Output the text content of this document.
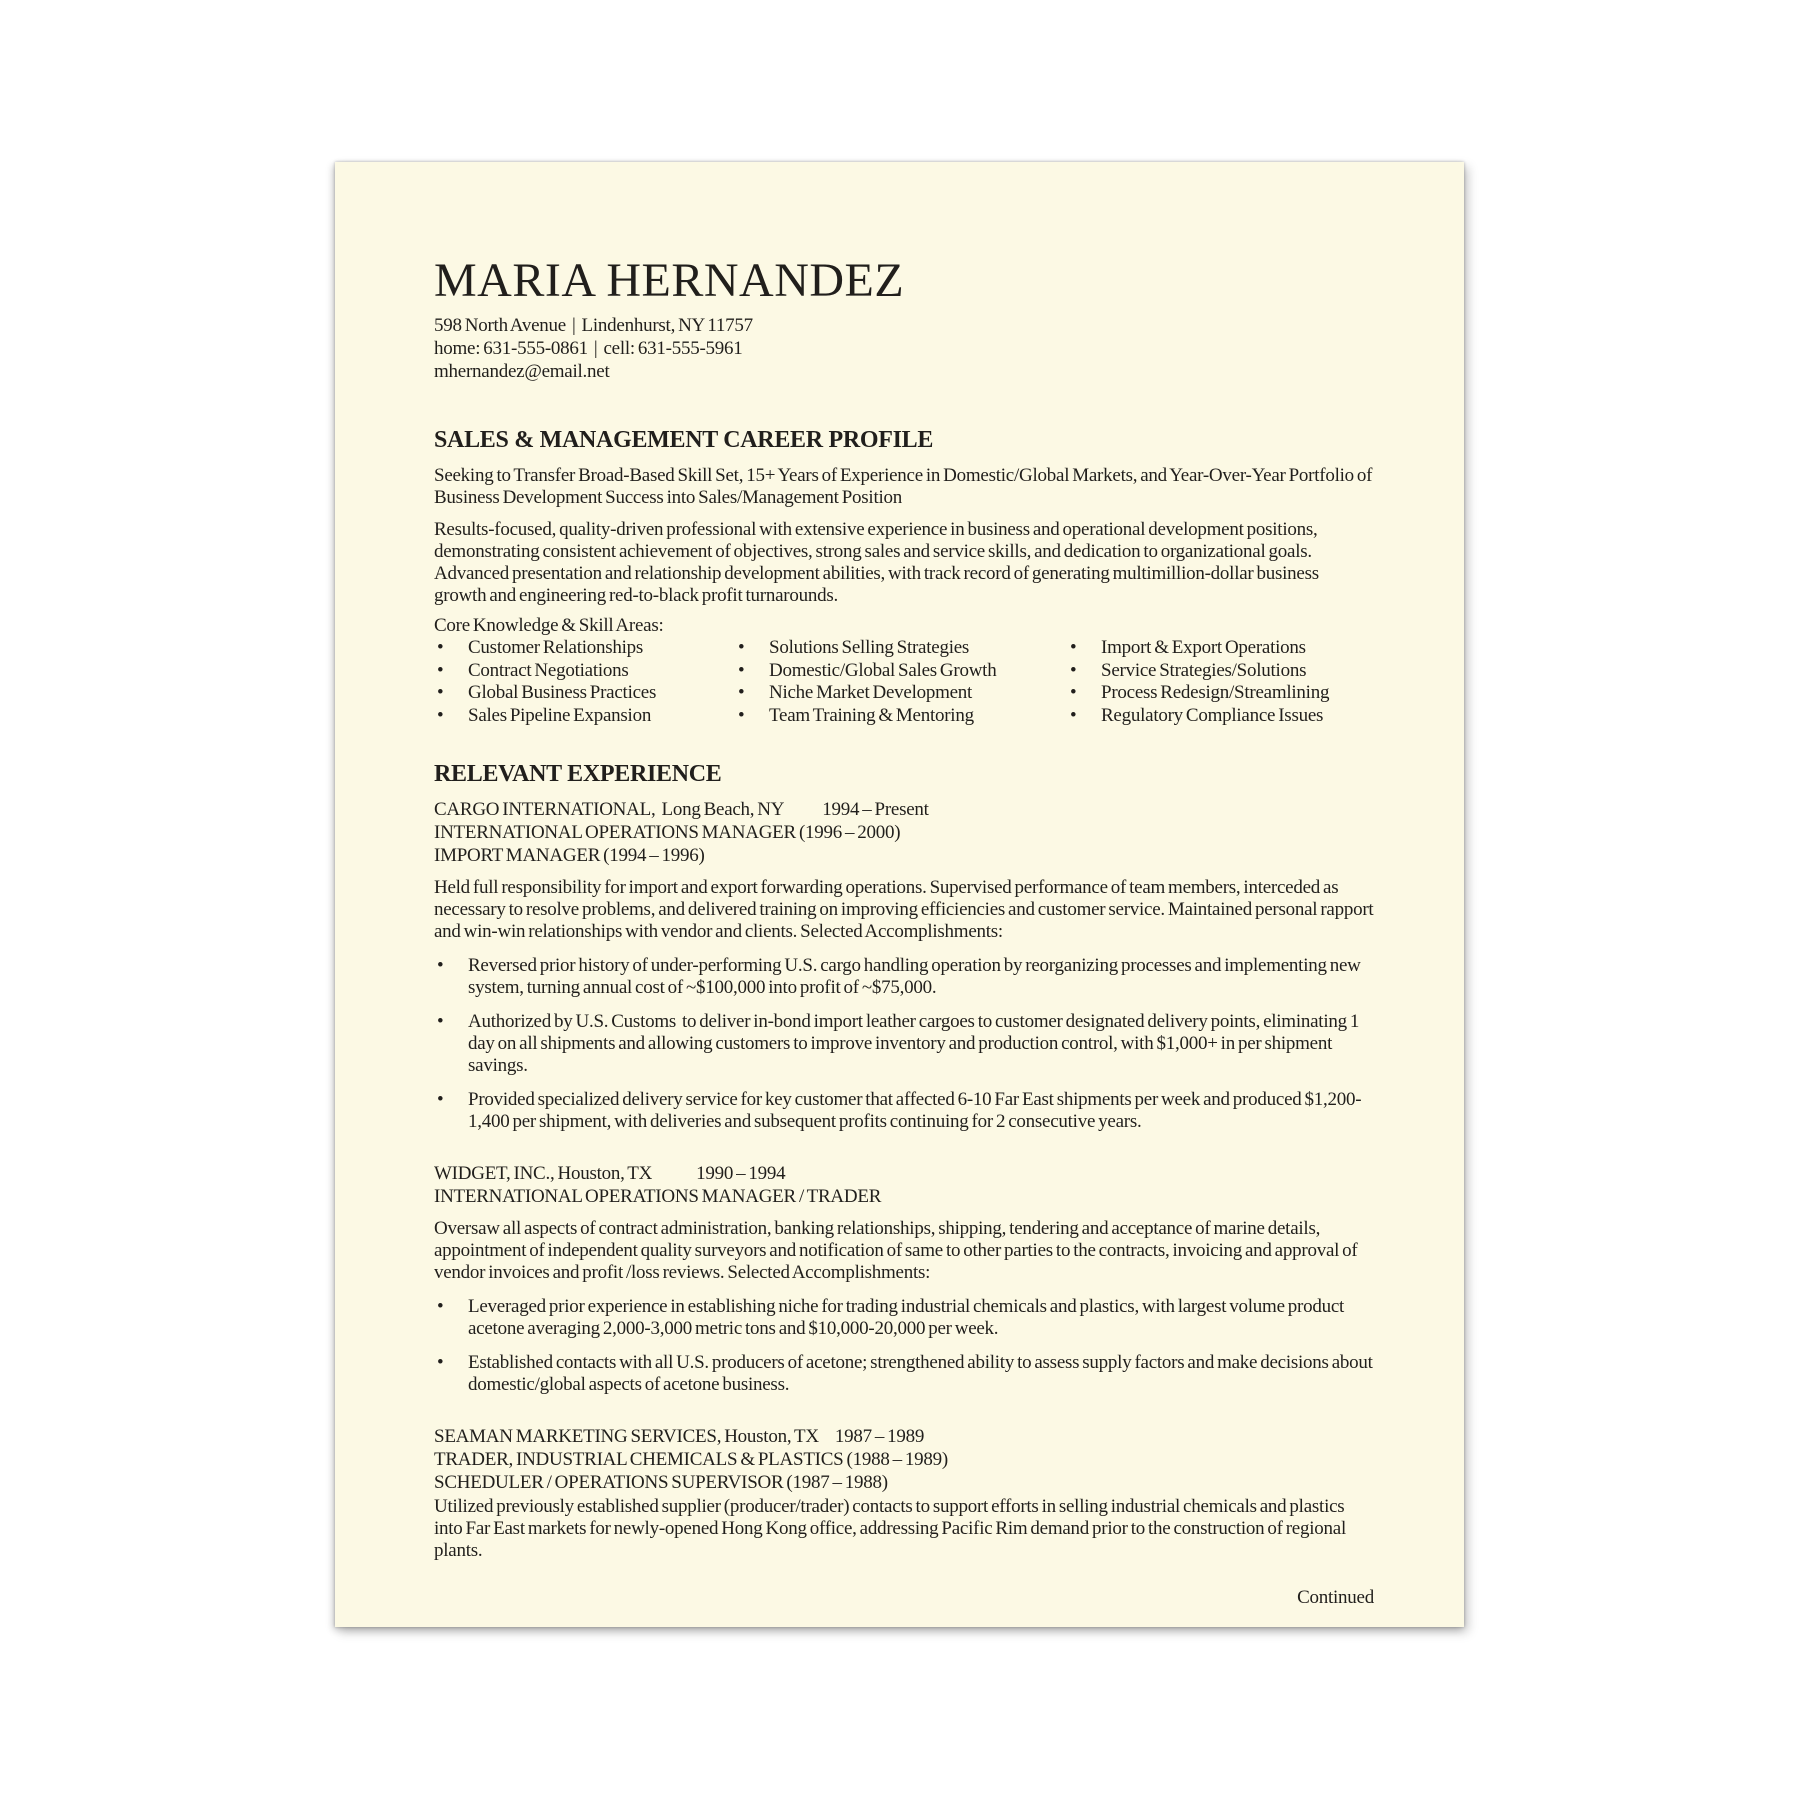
MARIA HERNANDEZ
598 North Avenue  |  Lindenhurst, NY 11757
home: 631-555-0861  |  cell: 631-555-5961
mhernandez@email.net
SALES & MANAGEMENT CAREER PROFILE
Seeking to Transfer Broad-Based Skill Set, 15+ Years of Experience in Domestic/Global Markets, and Year-Over-Year Portfolio of Business Development Success into Sales/Management Position
Results-focused, quality-driven professional with extensive experience in business and operational development positions, demonstrating consistent achievement of objectives, strong sales and service skills, and dedication to organizational goals. Advanced presentation and relationship development abilities, with track record of generating multimillion-dollar business growth and engineering red-to-black profit turnarounds.
Core Knowledge & Skill Areas:
• Customer Relationships	• Solutions Selling Strategies	• Import & Export Operations
• Contract Negotiations	• Domestic/Global Sales Growth	• Service Strategies/Solutions
• Global Business Practices	• Niche Market Development	• Process Redesign/Streamlining
• Sales Pipeline Expansion	• Team Training & Mentoring	• Regulatory Compliance Issues
RELEVANT EXPERIENCE
CARGO INTERNATIONAL,  Long Beach, NY 1994 – Present
INTERNATIONAL OPERATIONS MANAGER (1996 – 2000)
IMPORT MANAGER (1994 – 1996)
Held full responsibility for import and export forwarding operations. Supervised performance of team members, interceded as necessary to resolve problems, and delivered training on improving efficiencies and customer service. Maintained personal rapport and win-win relationships with vendor and clients. Selected Accomplishments:
• Reversed prior history of under-performing U.S. cargo handling operation by reorganizing processes and implementing new system, turning annual cost of ~$100,000 into profit of ~$75,000.
• Authorized by U.S. Customs  to deliver in-bond import leather cargoes to customer designated delivery points, eliminating 1 day on all shipments and allowing customers to improve inventory and production control, with $1,000+ in per shipment savings.
• Provided specialized delivery service for key customer that affected 6-10 Far East shipments per week and produced $1,200-1,400 per shipment, with deliveries and subsequent profits continuing for 2 consecutive years.
WIDGET, INC., Houston, TX 1990 – 1994
INTERNATIONAL OPERATIONS MANAGER / TRADER
Oversaw all aspects of contract administration, banking relationships, shipping, tendering and acceptance of marine details, appointment of independent quality surveyors and notification of same to other parties to the contracts, invoicing and approval of vendor invoices and profit /loss reviews. Selected Accomplishments:
• Leveraged prior experience in establishing niche for trading industrial chemicals and plastics, with largest volume product acetone averaging 2,000-3,000 metric tons and $10,000-20,000 per week.
• Established contacts with all U.S. producers of acetone; strengthened ability to assess supply factors and make decisions about domestic/global aspects of acetone business.
SEAMAN MARKETING SERVICES, Houston, TX 1987 – 1989
TRADER, INDUSTRIAL CHEMICALS & PLASTICS (1988 – 1989)
SCHEDULER / OPERATIONS SUPERVISOR (1987 – 1988)
Utilized previously established supplier (producer/trader) contacts to support efforts in selling industrial chemicals and plastics into Far East markets for newly-opened Hong Kong office, addressing Pacific Rim demand prior to the construction of regional plants.
Continued
